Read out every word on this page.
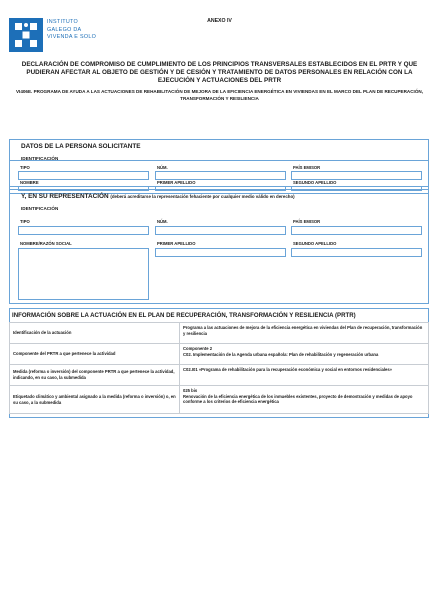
INSTITUTO
GALEGO DA
VIVENDA E SOLO
ANEXO IV
DECLARACIÓN DE COMPROMISO DE CUMPLIMIENTO DE LOS PRINCIPIOS TRANSVERSALES ESTABLECIDOS EN EL PRTR Y QUE PUDIERAN AFECTAR AL OBJETO DE GESTIÓN Y DE CESIÓN Y TRATAMIENTO DE DATOS PERSONALES EN RELACIÓN CON LA EJECUCIÓN Y ACTUACIONES DEL PRTR
VI406E. PROGRAMA DE AYUDA A LAS ACTUACIONES DE REHABILITACIÓN DE MEJORA DE LA EFICIENCIA ENERGÉTICA EN VIVIENDAS EN EL MARCO DEL PLAN DE RECUPERACIÓN, TRANSFORMACIÓN Y RESILIENCIA
DATOS DE LA PERSONA SOLICITANTE
IDENTIFICACIÓN
TIPO	NÚM.	PAÍS EMISOR
NOMBRE	PRIMER APELLIDO	SEGUNDO APELLIDO
Y, EN SU REPRESENTACIÓN (deberá acreditarse la representación fehaciente por cualquier medio válido en derecho)
IDENTIFICACIÓN
TIPO	NÚM.	PAÍS EMISOR
NOMBRE/RAZÓN SOCIAL	PRIMER APELLIDO	SEGUNDO APELLIDO
INFORMACIÓN SOBRE LA ACTUACIÓN EN EL PLAN DE RECUPERACIÓN, TRANSFORMACIÓN Y RESILIENCIA (PRTR)
Identificación de la actuación	Programa a las actuaciones de mejora de la eficiencia energética en viviendas del Plan de recuperación, transformación y resiliencia
Componente del PRTR a que pertenece la actividad	Componente 2
C02. Implementación de la Agenda urbana española: Plan de rehabilitación y regeneración urbana
Medida (reforma o inversión) del componente PRTR a que pertenece la actividad, indicando, en su caso, la submedida	C02.I01 «Programa de rehabilitación para la recuperación económica y social en entornos residenciales»
Etiquetado climático y ambiental asignado a la medida (reforma o inversión) o, en su caso, a la submedida	025 bis
Renovación de la eficiencia energética de los inmuebles existentes, proyecto de demostración y medidas de apoyo conforme a los criterios de eficiencia energética
